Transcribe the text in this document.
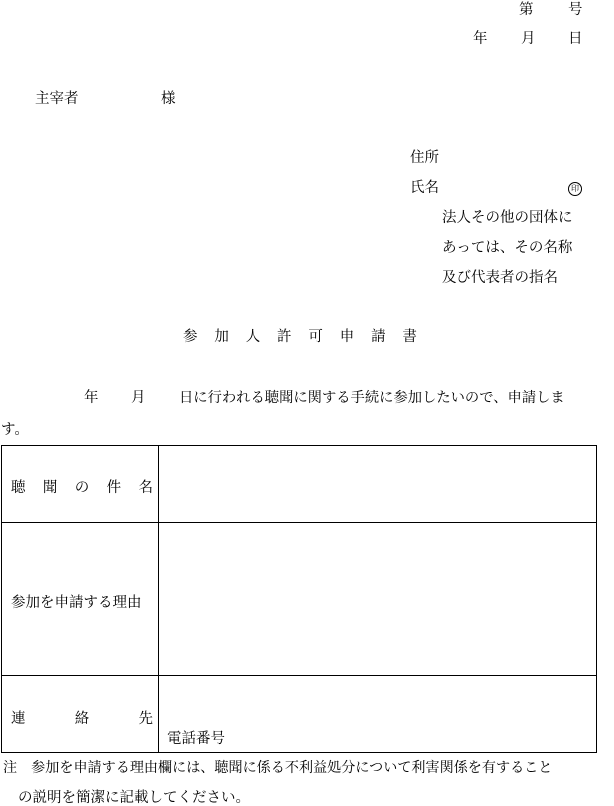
第 号
年 月 日
主宰者	様
住所
氏名	印
法人その他の団体に
あっては、その名称
及び代表者の指名
参 加 人 許 可 申 請 書
年 月 日に行われる聴聞に関する手続に参加したいので、申請しま
す。
聴 聞 の 件 名	

参加を申請する理由	

連 絡 先	電話番号
注　参加を申請する理由欄には、聴聞に係る不利益処分について利害関係を有すること
の説明を簡潔に記載してください。
